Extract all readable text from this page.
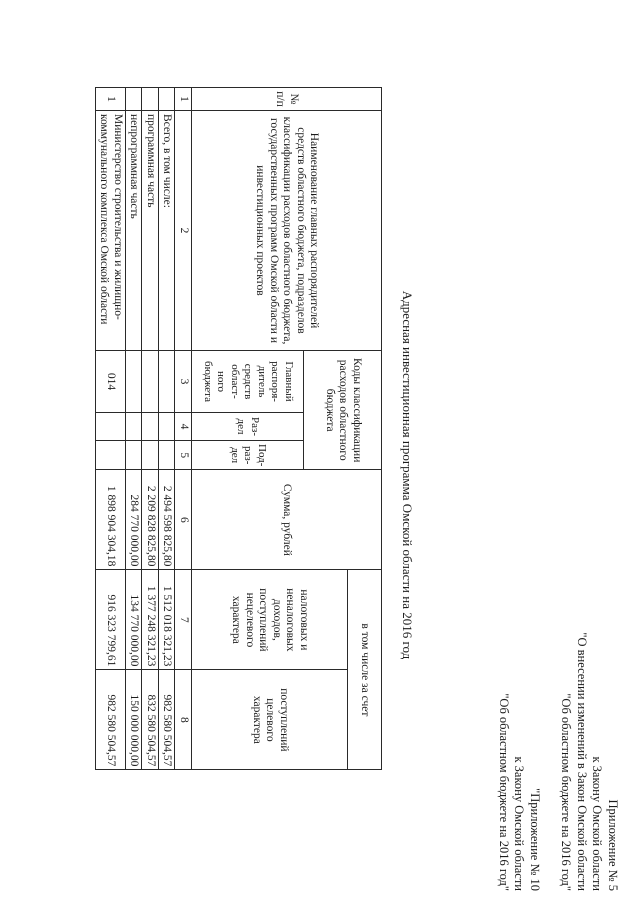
Приложение № 5
к Закону Омской области
"О внесении изменений в Закон Омской области
"Об областном бюджете на 2016 год"
"Приложение № 10
к Закону Омской области
"Об областном бюджете на 2016 год"
Адресная инвестиционная программа Омской области на 2016 год
№ п/п	Наименование главных распорядителей средств областного бюджета, подразделов классификации расходов областного бюджета, государственных программ Омской области и инвестиционных проектов	Коды классификации расходов областного бюджета			Сумма, рублей	в том числе за счет	
						налоговых и неналоговых доходов, поступлений нецелевого характера	поступлений целевого характера
		Главный распоря-дитель средств област-ного бюджета	Раз-дел	Под-раз-дел			
1	2	3	4	5	6	7	8
	Всего, в том числе:				2 494 598 825,80	1 512 018 321,23	982 580 504,57
	программная часть				2 209 828 825,80	1 377 248 321,23	832 580 504,57
	непрограммная часть				284 770 000,00	134 770 000,00	150 000 000,00
1	Министерство строительства и жилищно-коммунального комплекса Омской области	014			1 898 904 304,18	916 323 799,61	982 580 504,57
